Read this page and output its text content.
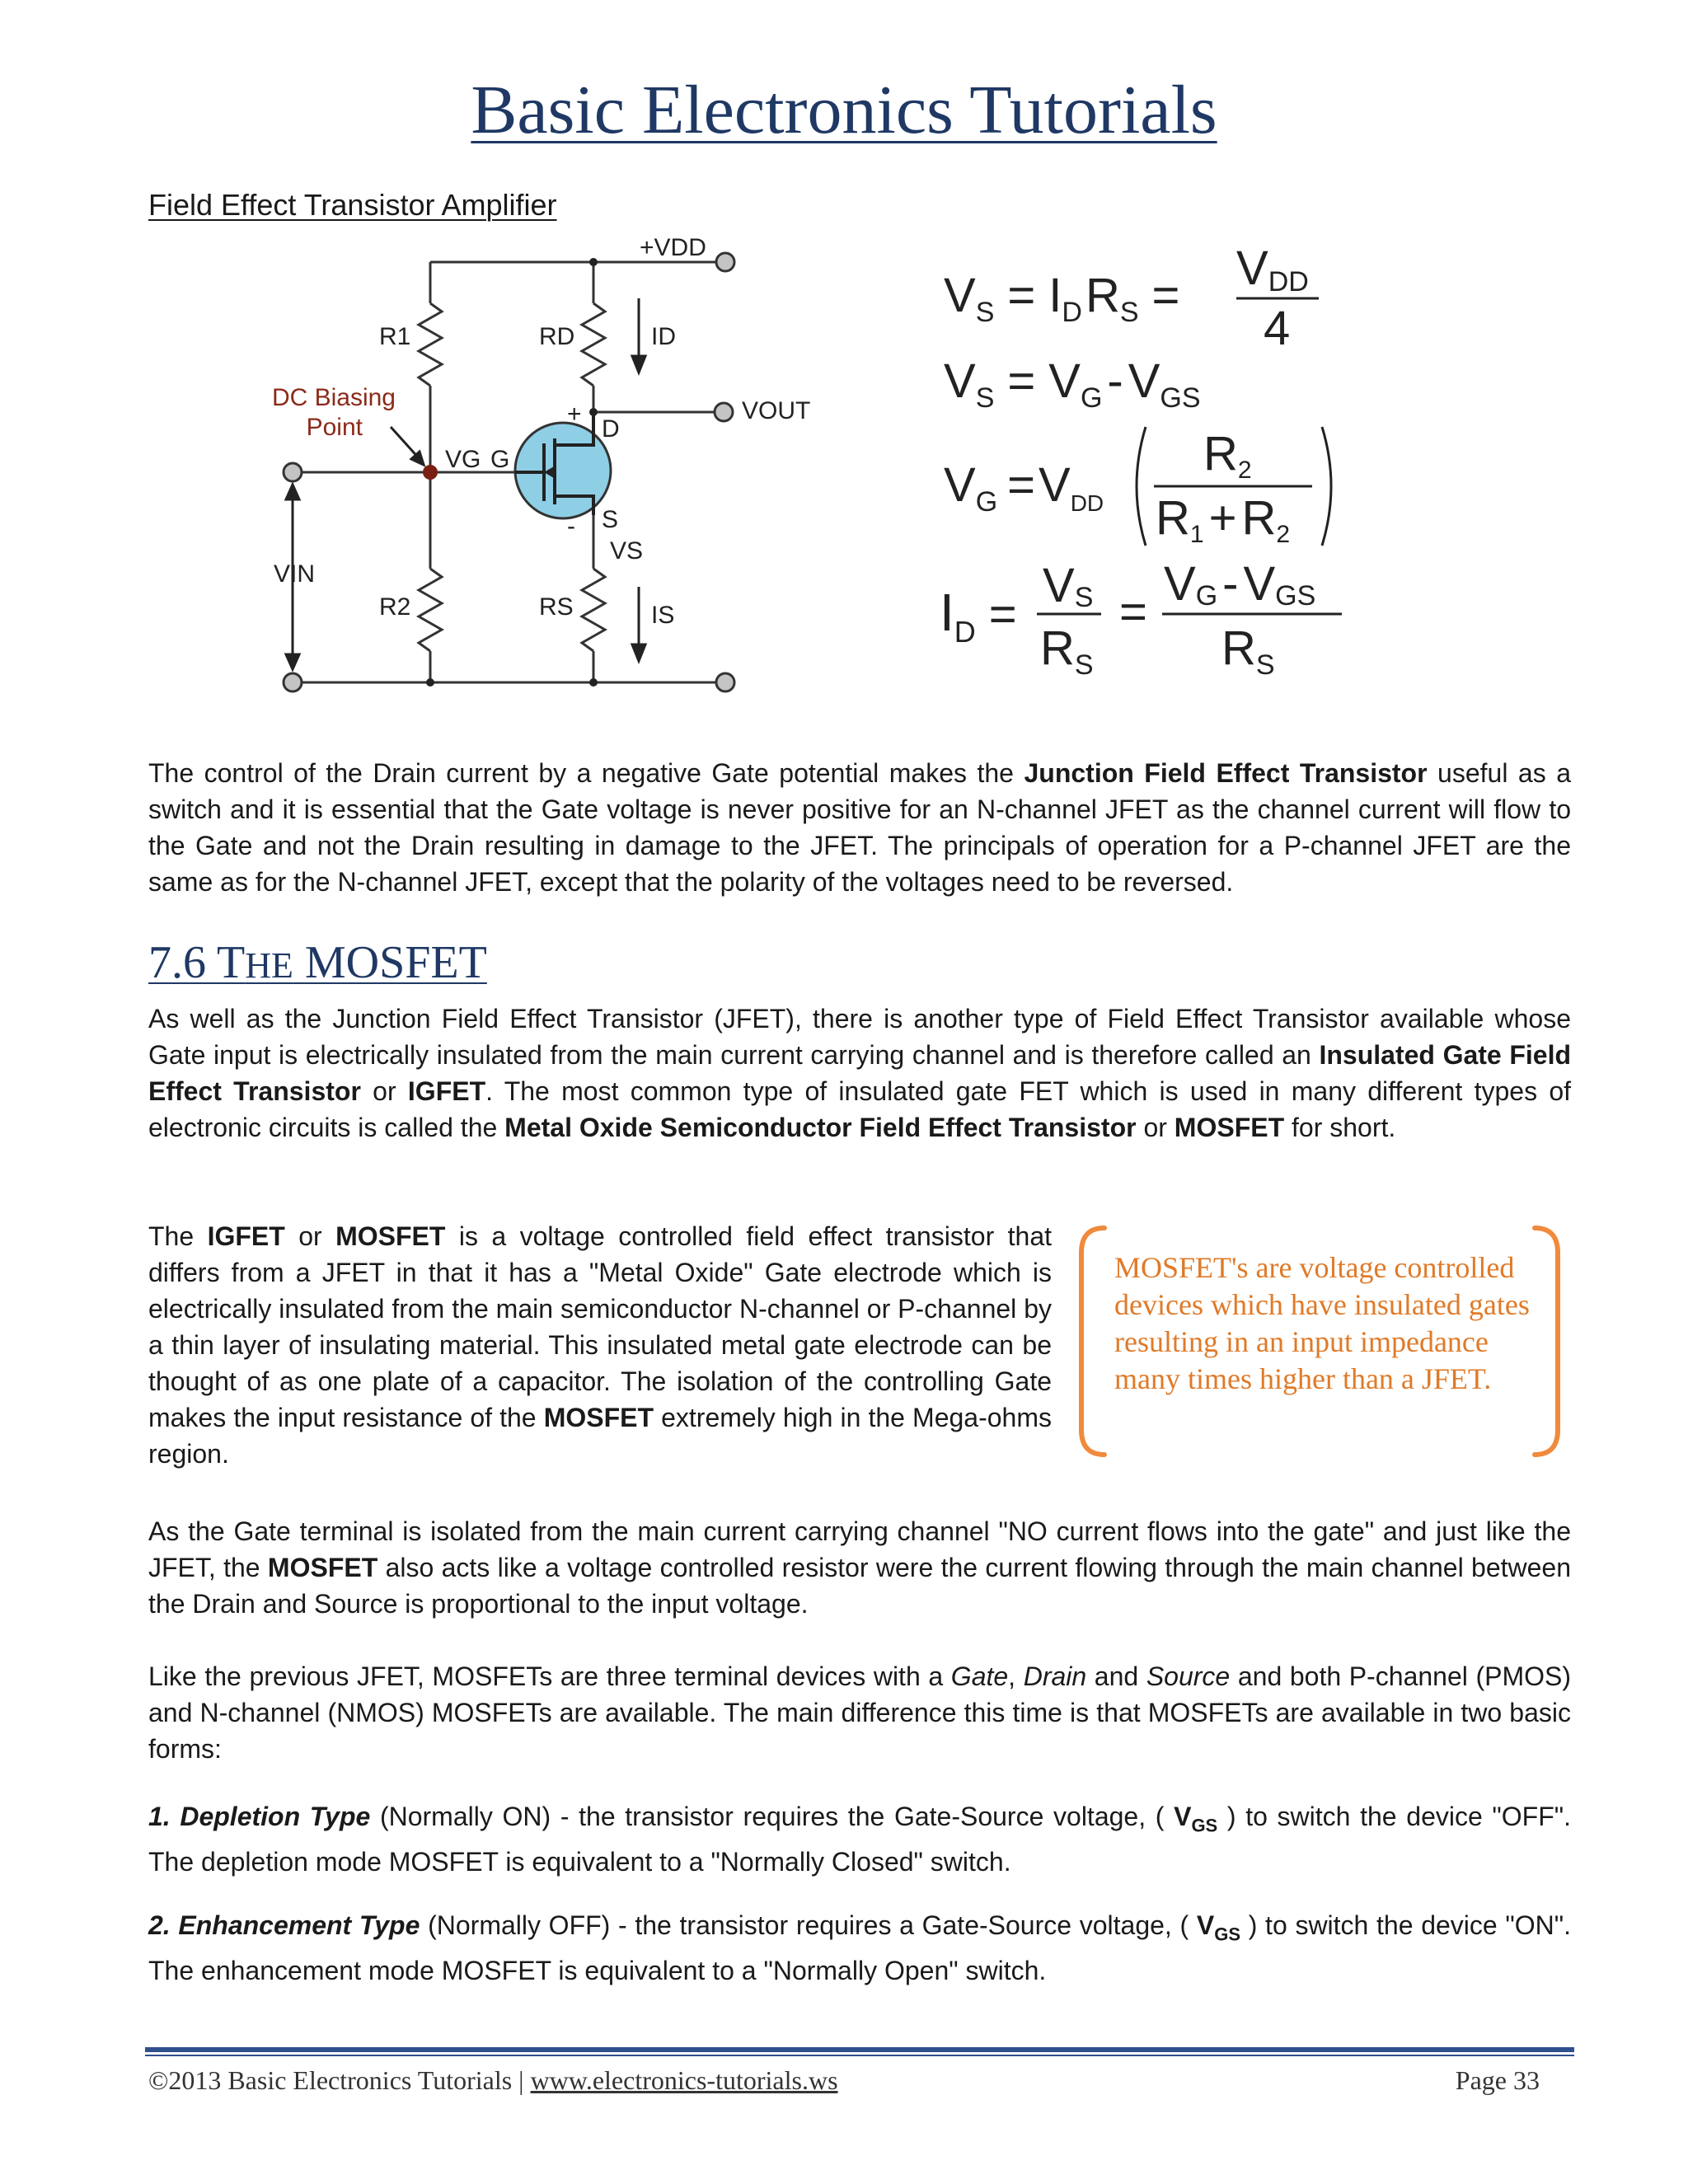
Basic Electronics Tutorials
Field Effect Transistor Amplifier
+VDD
R1	RD	ID
VOUT
VG G
D
S
+
-
VS
VIN
R2	RS	IS
DC Biasing
Point
$V_S = I_DR_S$ =
VDD
4
$V_S = V_G - V_{GS}$
$V_G =V_{DD}$
R2
R1 + R2
$I_D$ =
VS
$R_S$
=
VG - VGS
$R_S$

The control of the Drain current by a negative Gate potential makes the Junction Field Effect Transistor useful as a switch and it is essential that the Gate voltage is never positive for an N-channel JFET as the channel current will flow to the Gate and not the Drain resulting in damage to the JFET. The principals of operation for a P-channel JFET are the same as for the N-channel JFET, except that the polarity of the voltages need to be reversed.

7.6 THE MOSFET

As well as the Junction Field Effect Transistor (JFET), there is another type of Field Effect Transistor available whose Gate input is electrically insulated from the main current carrying channel and is therefore called an Insulated Gate Field Effect Transistor or IGFET. The most common type of insulated gate FET which is used in many different types of electronic circuits is called the Metal Oxide Semiconductor Field Effect Transistor or MOSFET for short.

The IGFET or MOSFET is a voltage controlled field effect transistor that differs from a JFET in that it has a "Metal Oxide" Gate electrode which is electrically insulated from the main semiconductor N-channel or P-channel by a thin layer of insulating material. This insulated metal gate electrode can be thought of as one plate of a capacitor. The isolation of the controlling Gate makes the input resistance of the MOSFET extremely high in the Mega-ohms region.

MOSFET's are voltage controlled devices which have insulated gates resulting in an input impedance many times higher than a JFET.

As the Gate terminal is isolated from the main current carrying channel "NO current flows into the gate" and just like the JFET, the MOSFET also acts like a voltage controlled resistor were the current flowing through the main channel between the Drain and Source is proportional to the input voltage.

Like the previous JFET, MOSFETs are three terminal devices with a Gate, Drain and Source and both P-channel (PMOS) and N-channel (NMOS) MOSFETs are available. The main difference this time is that MOSFETs are available in two basic forms:

1. Depletion Type (Normally ON) - the transistor requires the Gate-Source voltage, ( $V_{GS}$ ) to switch the device "OFF". The depletion mode MOSFET is equivalent to a "Normally Closed" switch.

2. Enhancement Type (Normally OFF) - the transistor requires a Gate-Source voltage, ( $V_{GS}$ ) to switch the device "ON". The enhancement mode MOSFET is equivalent to a "Normally Open" switch.

©2013 Basic Electronics Tutorials | www.electronics-tutorials.ws	Page 33
